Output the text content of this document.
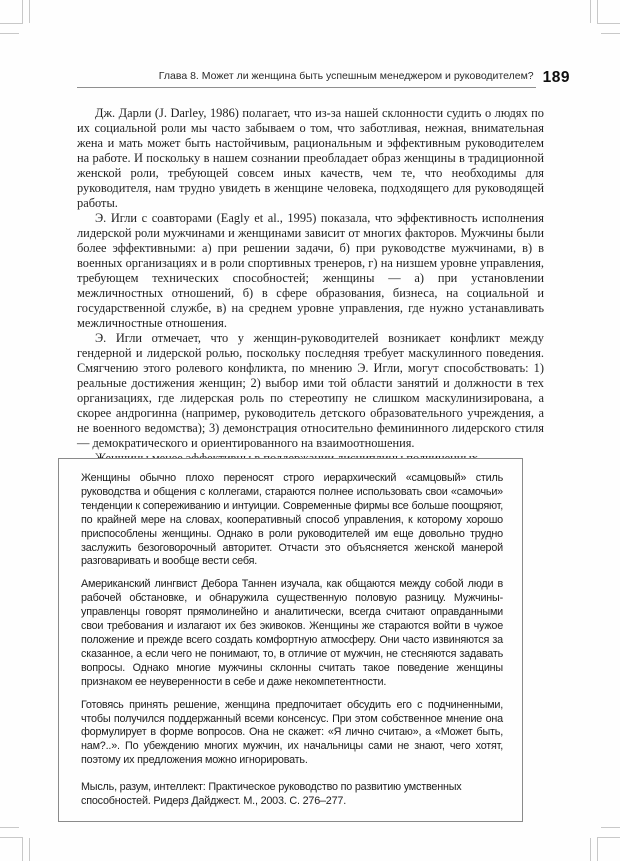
Глава 8. Может ли женщина быть успешным менеджером и руководителем? 189

Дж. Дарли (J. Darley, 1986) полагает, что из-за нашей склонности судить о людях по их социальной роли мы часто забываем о том, что заботливая, нежная, внимательная жена и мать может быть настойчивым, рациональным и эффективным руководителем на работе. И поскольку в нашем сознании преобладает образ женщины в традиционной женской роли, требующей совсем иных качеств, чем те, что необходимы для руководителя, нам трудно увидеть в женщине человека, подходящего для руководящей работы.

Э. Игли с соавторами (Eagly et al., 1995) показала, что эффективность исполнения лидерской роли мужчинами и женщинами зависит от многих факторов. Мужчины были более эффективными: а) при решении задачи, б) при руководстве мужчинами, в) в военных организациях и в роли спортивных тренеров, г) на низшем уровне управления, требующем технических способностей; женщины — а) при установлении межличностных отношений, б) в сфере образования, бизнеса, на социальной и государственной службе, в) на среднем уровне управления, где нужно устанавливать межличностные отношения.

Э. Игли отмечает, что у женщин-руководителей возникает конфликт между гендерной и лидерской ролью, поскольку последняя требует маскулинного поведения. Смягчению этого ролевого конфликта, по мнению Э. Игли, могут способствовать: 1) реальные достижения женщин; 2) выбор ими той области занятий и должности в тех организациях, где лидерская роль по стереотипу не слишком маскулинизирована, а скорее андрогинна (например, руководитель детского образовательного учреждения, а не военного ведомства); 3) демонстрация относительно фемининного лидерского стиля — демократического и ориентированного на взаимоотношения.

Женщины обычно плохо переносят строго иерархический «самцовый» стиль руководства и общения с коллегами, стараются полнее использовать свои «самочьи» тенденции к сопереживанию и интуиции. Современные фирмы все больше поощряют, по крайней мере на словах, кооперативный способ управления, к которому хорошо приспособлены женщины. Однако в роли руководителей им еще довольно трудно заслужить безоговорочный авторитет. Отчасти это объясняется женской манерой разговаривать и вообще вести себя.

Американский лингвист Дебора Таннен изучала, как общаются между собой люди в рабочей обстановке, и обнаружила существенную половую разницу. Мужчины-управленцы говорят прямолинейно и аналитически, всегда считают оправданными свои требования и излагают их без экивоков. Женщины же стараются войти в чужое положение и прежде всего создать комфортную атмосферу. Они часто извиняются за сказанное, а если чего не понимают, то, в отличие от мужчин, не стесняются задавать вопросы. Однако многие мужчины склонны считать такое поведение женщины признаком ее неуверенности в себе и даже некомпетентности.

Готовясь принять решение, женщина предпочитает обсудить его с подчиненными, чтобы получился поддержанный всеми консенсус. При этом собственное мнение она формулирует в форме вопросов. Она не скажет: «Я лично считаю», а «Может быть, нам?..». По убеждению многих мужчин, их начальницы сами не знают, чего хотят, поэтому их предложения можно игнорировать.

Мысль, разум, интеллект: Практическое руководство по развитию умственных способностей. Ридерз Дайджест. М., 2003. С. 276–277.
